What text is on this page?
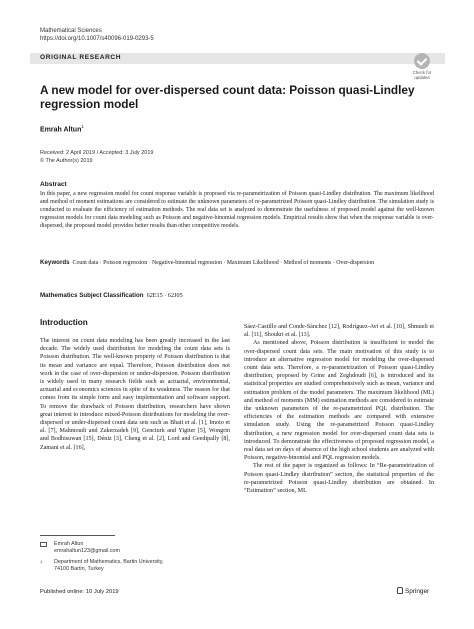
Mathematical Sciences
https://doi.org/10.1007/s40096-019-0293-5
ORIGINAL RESEARCH
Check for
updates
A new model for over-dispersed count data: Poisson quasi-Lindley regression model
Emrah Altun$^1$
Received: 2 April 2019 / Accepted: 3 July 2019
© The Author(s) 2019
Abstract
In this paper, a new regression model for count response variable is proposed via re-parametrization of Poisson quasi-Lindley distribution. The maximum likelihood and method of moment estimations are considered to estimate the unknown parameters of re-parametrized Poisson quasi-Lindley distribution. The simulation study is conducted to evaluate the efficiency of estimation methods. The real data set is analyzed to demonstrate the usefulness of proposed model against the well-known regression models for count data modeling such as Poisson and negative-binomial regression models. Empirical results show that when the response variable is over-dispersed, the proposed model provides better results than other competitive models.
Keywords Count data · Poisson regression · Negative-binomial regression · Maximum Likelihood · Method of moments · Over-dispersion
Mathematics Subject Classification 62E15 · 62J05
Introduction

The interest on count data modeling has been greatly increased in the last decade. The widely used distribution for modeling the count data sets is Poisson distribution. The well-known property of Poisson distribution is that its mean and variance are equal. Therefore, Poisson distribution does not work in the case of over-dispersion or under-dispersion. Poisson distribution is widely used in many research fields such as actuarial, environmental, actuarial and economics sciences in spite of its weakness. The reason for that comes from its simple form and easy implementation and software support. To remove the drawback of Poisson distribution, researchers have shown great interest to introduce mixed-Poisson distributions for modeling the over-dispersed or under-dispersed count data sets such as Bhati et al. [1], Imoto et al. [7], Mahmoudi and Zakerzadeh [9], Gencturk and Yigiter [5], Wongrin and Bodhisuwan [15], Déniz [3], Cheng et al. [2], Lord and Geedipally [8], Zamani et al. [16],

Sáez-Castillo and Conde-Sánchez [12], Rodríguez-Avi et al. [10], Shmueli et al. [11], Shoukri et al. [13].

As mentioned above, Poisson distribution is insufficient to model the over-dispersed count data sets. The main motivation of this study is to introduce an alternative regression model for modeling the over-dispersed count data sets. Therefore, a re-parametrization of Poisson quasi-Lindley distribution, proposed by Grine and Zeghdoudi [6], is introduced and its statistical properties are studied comprehensively such as mean, variance and estimation problem of the model parameters. The maximum likelihood (ML) and method of moments (MM) estimation methods are considered to estimate the unknown parameters of the re-parametrized PQL distribution. The efficiencies of the estimation methods are compared with extensive simulation study. Using the re-parametrized Poisson quasi-Lindley distribution, a new regression model for over-dispersed count data sets is introduced. To demonstrate the effectiveness of proposed regression model, a real data set on days of absence of the high school students are analyzed with Poisson, negative-binomial and PQL regression models.

The rest of the paper is organized as follows: In “Re-parametrization of Poisson quasi-Lindley distribution” section, the statistical properties of the re-parametrized Poisson quasi-Lindley distribution are obtained. In “Estimation” section, ML

Emrah Altun
emrahaltun123@gmail.com
1 Department of Mathematics, Bartin University,
74100 Bartin, Turkey
Published online: 10 July 2019	Springer
